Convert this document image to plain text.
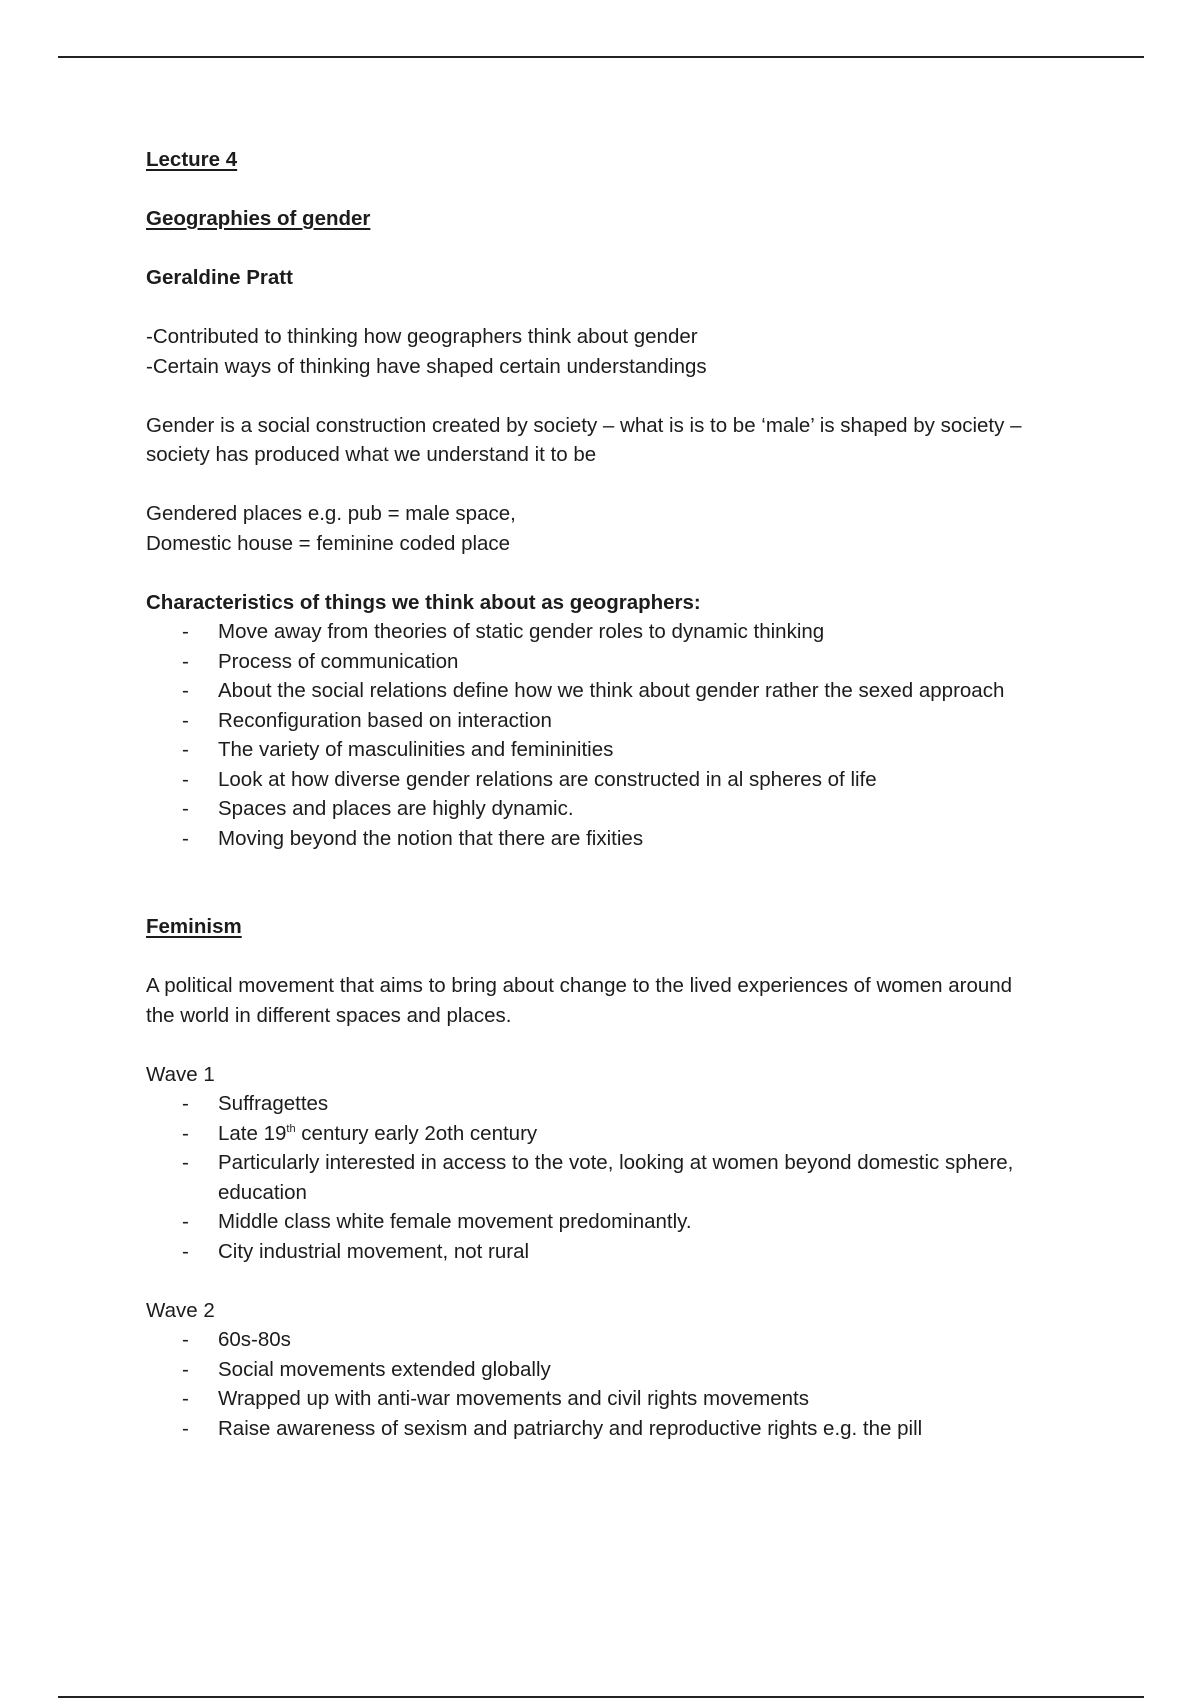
Lecture 4

Geographies of gender

Geraldine Pratt

-Contributed to thinking how geographers think about gender

-Certain ways of thinking have shaped certain understandings

Gender is a social construction created by society – what is is to be ‘male’ is shaped by society – society has produced what we understand it to be

Gendered places e.g. pub = male space,

Domestic house = feminine coded place

Characteristics of things we think about as geographers:

- Move away from theories of static gender roles to dynamic thinking
- Process of communication
- About the social relations define how we think about gender rather the sexed approach
- Reconfiguration based on interaction
- The variety of masculinities and femininities
- Look at how diverse gender relations are constructed in al spheres of life
- Spaces and places are highly dynamic.
- Moving beyond the notion that there are fixities

Feminism

A political movement that aims to bring about change to the lived experiences of women around the world in different spaces and places.

Wave 1

- Suffragettes
- Late 19th century early 2oth century
- Particularly interested in access to the vote, looking at women beyond domestic sphere, education
- Middle class white female movement predominantly.
- City industrial movement, not rural

Wave 2

- 60s-80s
- Social movements extended globally
- Wrapped up with anti-war movements and civil rights movements
- Raise awareness of sexism and patriarchy and reproductive rights e.g. the pill
